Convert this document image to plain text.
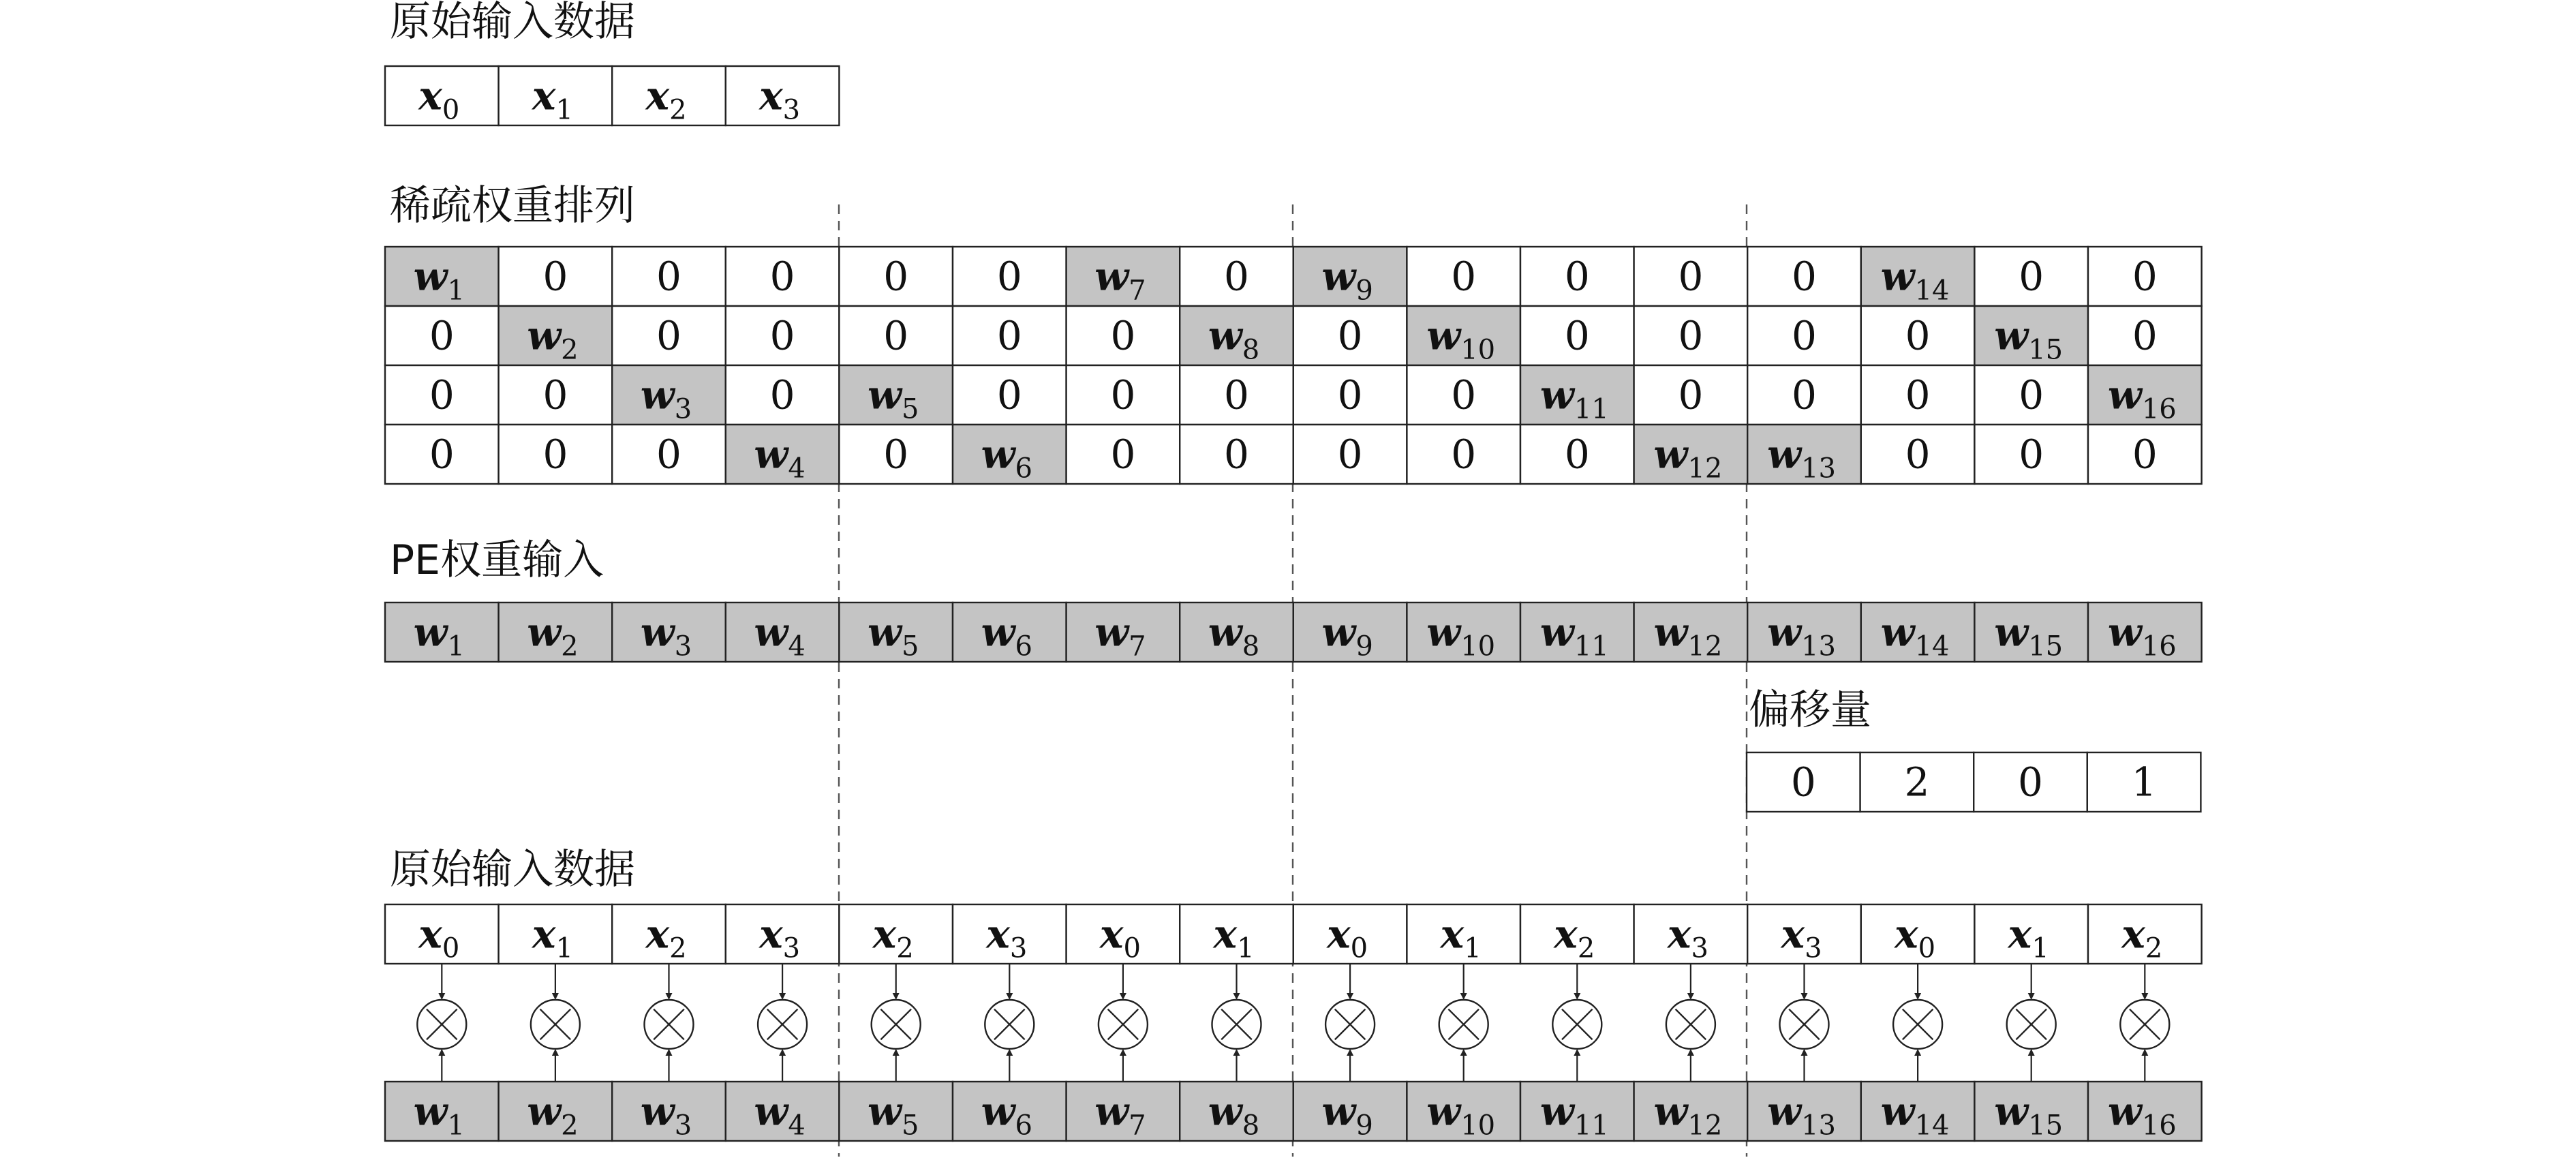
原始输入数据
稀疏权重排列
PE权重输入
偏移量
原始输入数据
$x_0$ $x_1$ $x_2$ $x_3$
$w_1$ 0 0 0 0 0 $w_7$ 0 $w_9$ 0 0 0 0 $w_{14}$ 0 0
0 $w_2$ 0 0 0 0 0 $w_8$ 0 $w_{10}$ 0 0 0 0 $w_{15}$ 0
0 0 $w_3$ 0 $w_5$ 0 0 0 0 0 $w_{11}$ 0 0 0 0 $w_{16}$
0 0 0 $w_4$ 0 $w_6$ 0 0 0 0 0 $w_{12}$ $w_{13}$ 0 0 0
$w_1$ $w_2$ $w_3$ $w_4$ $w_5$ $w_6$ $w_7$ $w_8$ $w_9$ $w_{10}$ $w_{11}$ $w_{12}$ $w_{13}$ $w_{14}$ $w_{15}$ $w_{16}$
0 2 0 1
$x_0$ $x_1$ $x_2$ $x_3$ $x_2$ $x_3$ $x_0$ $x_1$ $x_0$ $x_1$ $x_2$ $x_3$ $x_3$ $x_0$ $x_1$ $x_2$
$w_1$ $w_2$ $w_3$ $w_4$ $w_5$ $w_6$ $w_7$ $w_8$ $w_9$ $w_{10}$ $w_{11}$ $w_{12}$ $w_{13}$ $w_{14}$ $w_{15}$ $w_{16}$
